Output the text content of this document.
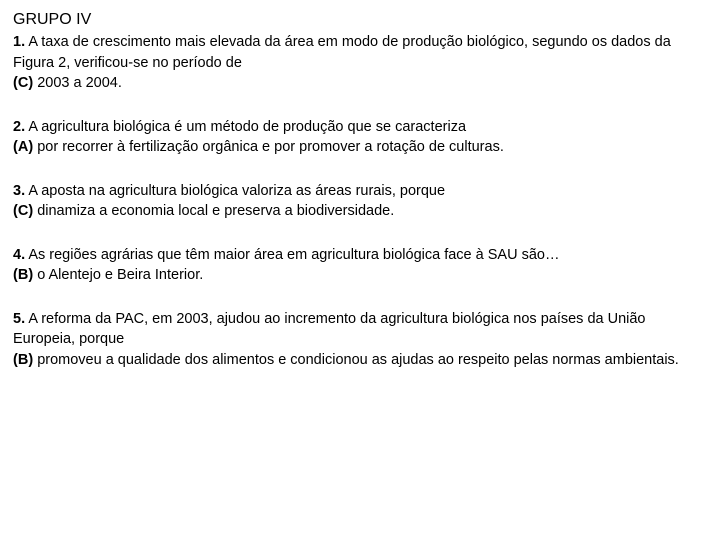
GRUPO IV

1. A taxa de crescimento mais elevada da área em modo de produção biológico, segundo os dados da Figura 2, verificou-se no período de

(C) 2003 a 2004.

2. A agricultura biológica é um método de produção que se caracteriza

(A) por recorrer à fertilização orgânica e por promover a rotação de culturas.

3. A aposta na agricultura biológica valoriza as áreas rurais, porque

(C) dinamiza a economia local e preserva a biodiversidade.

4. As regiões agrárias que têm maior área em agricultura biológica face à SAU são…

(B) o Alentejo e Beira Interior.

5. A reforma da PAC, em 2003, ajudou ao incremento da agricultura biológica nos países da União Europeia, porque

(B) promoveu a qualidade dos alimentos e condicionou as ajudas ao respeito pelas normas ambientais.
